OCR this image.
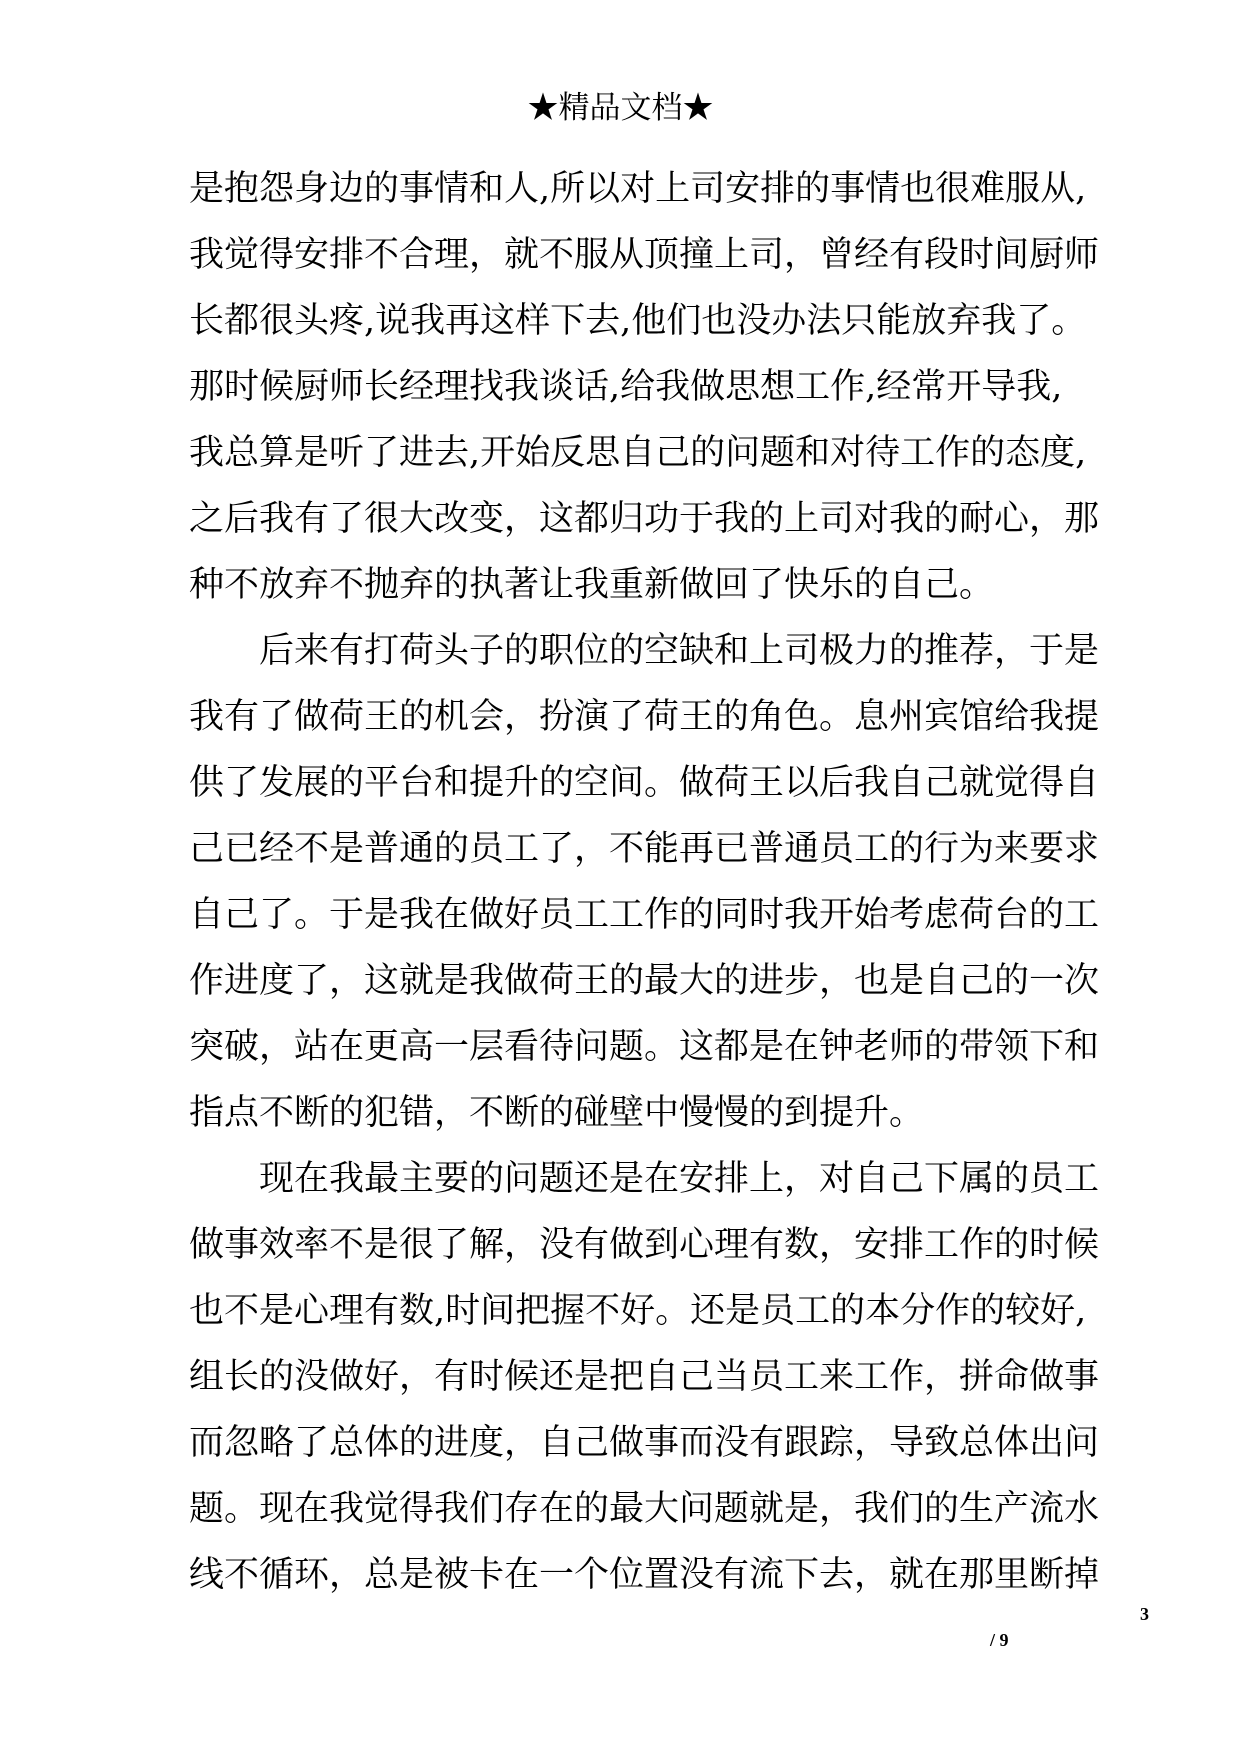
★精品文档★
是抱怨身边的事情和人,所以对上司安排的事情也很难服从,
我觉得安排不合理，就不服从顶撞上司，曾经有段时间厨师
长都很头疼,说我再这样下去,他们也没办法只能放弃我了。
那时候厨师长经理找我谈话,给我做思想工作,经常开导我,
我总算是听了进去,开始反思自己的问题和对待工作的态度,
之后我有了很大改变，这都归功于我的上司对我的耐心，那
种不放弃不抛弃的执著让我重新做回了快乐的自己。
后来有打荷头子的职位的空缺和上司极力的推荐，于是
我有了做荷王的机会，扮演了荷王的角色。息州宾馆给我提
供了发展的平台和提升的空间。做荷王以后我自己就觉得自
己已经不是普通的员工了，不能再已普通员工的行为来要求
自己了。于是我在做好员工工作的同时我开始考虑荷台的工
作进度了，这就是我做荷王的最大的进步，也是自己的一次
突破，站在更高一层看待问题。这都是在钟老师的带领下和
指点不断的犯错，不断的碰壁中慢慢的到提升。
现在我最主要的问题还是在安排上，对自己下属的员工
做事效率不是很了解，没有做到心理有数，安排工作的时候
也不是心理有数,时间把握不好。还是员工的本分作的较好,
组长的没做好，有时候还是把自己当员工来工作，拼命做事
而忽略了总体的进度，自己做事而没有跟踪，导致总体出问
题。现在我觉得我们存在的最大问题就是，我们的生产流水
线不循环，总是被卡在一个位置没有流下去，就在那里断掉
3
/ 9
